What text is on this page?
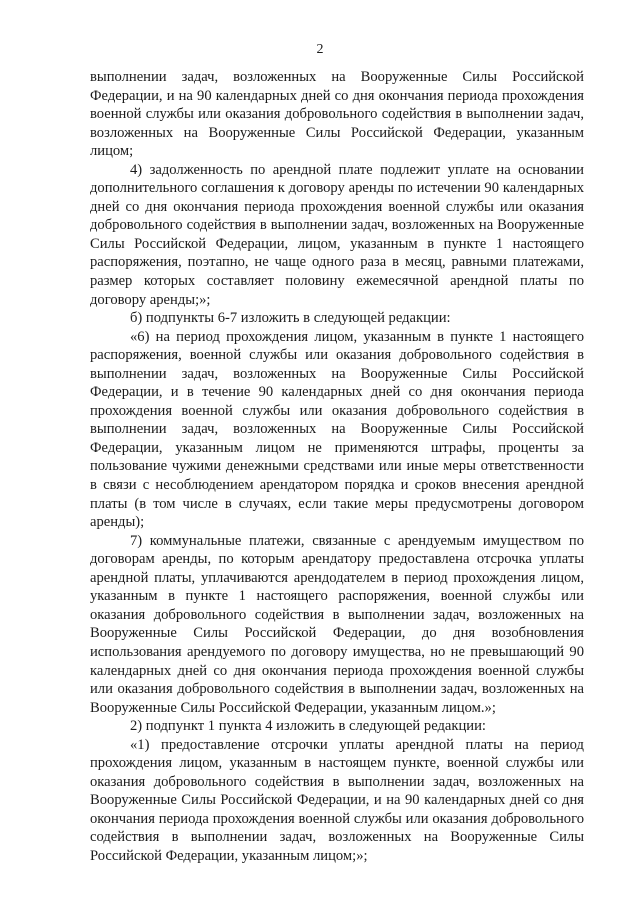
2

выполнении задач, возложенных на Вооруженные Силы Российской Федерации, и на 90 календарных дней со дня окончания периода прохождения военной службы или оказания добровольного содействия в выполнении задач, возложенных на Вооруженные Силы Российской Федерации, указанным лицом;

4) задолженность по арендной плате подлежит уплате на основании дополнительного соглашения к договору аренды по истечении 90 календарных дней со дня окончания периода прохождения военной службы или оказания добровольного содействия в выполнении задач, возложенных на Вооруженные Силы Российской Федерации, лицом, указанным в пункте 1 настоящего распоряжения, поэтапно, не чаще одного раза в месяц, равными платежами, размер которых составляет половину ежемесячной арендной платы по договору аренды;»;

б) подпункты 6-7 изложить в следующей редакции:

«6) на период прохождения лицом, указанным в пункте 1 настоящего распоряжения, военной службы или оказания добровольного содействия в выполнении задач, возложенных на Вооруженные Силы Российской Федерации, и в течение 90 календарных дней со дня окончания периода прохождения военной службы или оказания добровольного содействия в выполнении задач, возложенных на Вооруженные Силы Российской Федерации, указанным лицом не применяются штрафы, проценты за пользование чужими денежными средствами или иные меры ответственности в связи с несоблюдением арендатором порядка и сроков внесения арендной платы (в том числе в случаях, если такие меры предусмотрены договором аренды);

7) коммунальные платежи, связанные с арендуемым имуществом по договорам аренды, по которым арендатору предоставлена отсрочка уплаты арендной платы, уплачиваются арендодателем в период прохождения лицом, указанным в пункте 1 настоящего распоряжения, военной службы или оказания добровольного содействия в выполнении задач, возложенных на Вооруженные Силы Российской Федерации, до дня возобновления использования арендуемого по договору имущества, но не превышающий 90 календарных дней со дня окончания периода прохождения военной службы или оказания добровольного содействия в выполнении задач, возложенных на Вооруженные Силы Российской Федерации, указанным лицом.»;

2) подпункт 1 пункта 4 изложить в следующей редакции:

«1) предоставление отсрочки уплаты арендной платы на период прохождения лицом, указанным в настоящем пункте, военной службы или оказания добровольного содействия в выполнении задач, возложенных на Вооруженные Силы Российской Федерации, и на 90 календарных дней со дня окончания периода прохождения военной службы или оказания добровольного содействия в выполнении задач, возложенных на Вооруженные Силы Российской Федерации, указанным лицом;»;
